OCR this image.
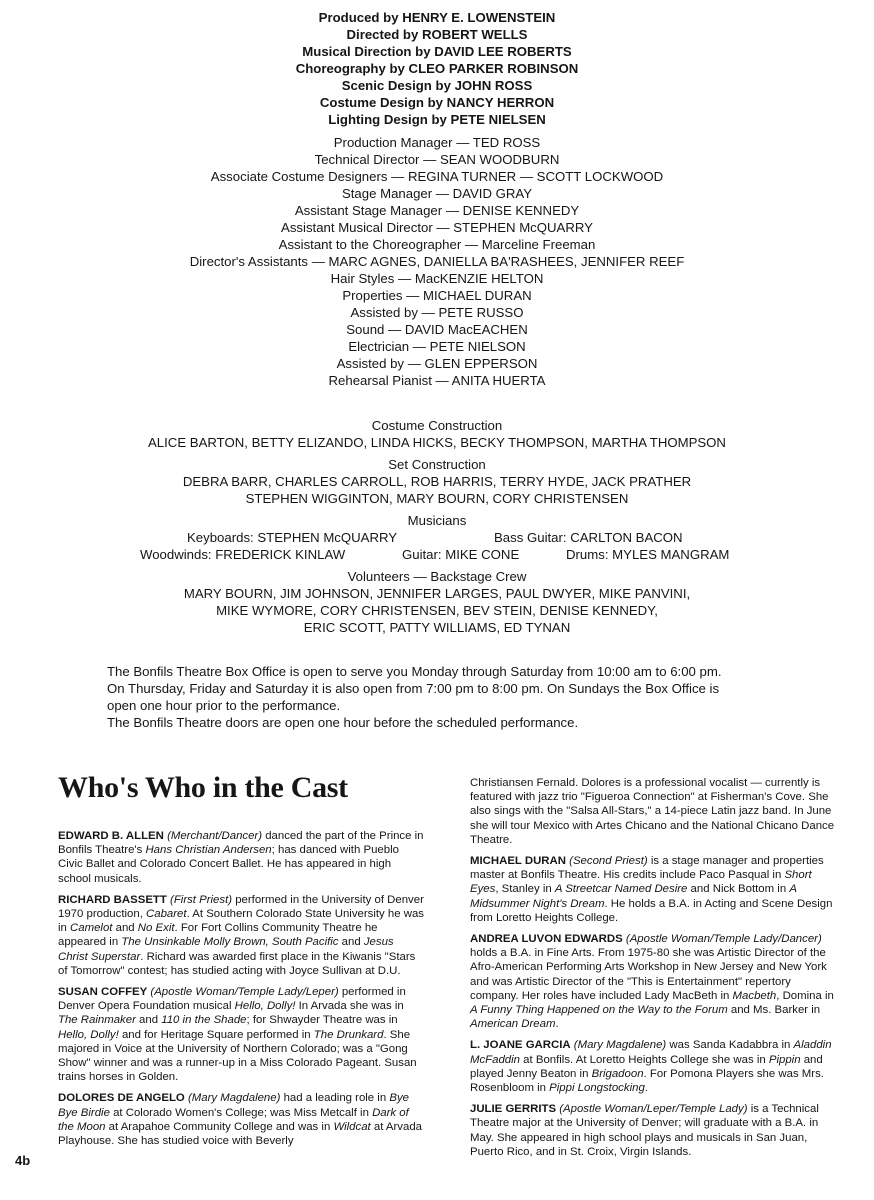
Produced by HENRY E. LOWENSTEIN
Directed by ROBERT WELLS
Musical Direction by DAVID LEE ROBERTS
Choreography by CLEO PARKER ROBINSON
Scenic Design by JOHN ROSS
Costume Design by NANCY HERRON
Lighting Design by PETE NIELSEN
Production Manager — TED ROSS
Technical Director — SEAN WOODBURN
Associate Costume Designers — REGINA TURNER — SCOTT LOCKWOOD
Stage Manager — DAVID GRAY
Assistant Stage Manager — DENISE KENNEDY
Assistant Musical Director — STEPHEN McQUARRY
Assistant to the Choreographer — Marceline Freeman
Director's Assistants — MARC AGNES, DANIELLA BA'RASHEES, JENNIFER REEF
Hair Styles — MacKENZIE HELTON
Properties — MICHAEL DURAN
Assisted by — PETE RUSSO
Sound — DAVID MacEACHEN
Electrician — PETE NIELSON
Assisted by — GLEN EPPERSON
Rehearsal Pianist — ANITA HUERTA
Costume Construction
ALICE BARTON, BETTY ELIZANDO, LINDA HICKS, BECKY THOMPSON, MARTHA THOMPSON
Set Construction
DEBRA BARR, CHARLES CARROLL, ROB HARRIS, TERRY HYDE, JACK PRATHER
STEPHEN WIGGINTON, MARY BOURN, CORY CHRISTENSEN
Musicians
Keyboards: STEPHEN McQUARRY	Bass Guitar: CARLTON BACON
Woodwinds: FREDERICK KINLAW	Guitar: MIKE CONE	Drums: MYLES MANGRAM
Volunteers — Backstage Crew
MARY BOURN, JIM JOHNSON, JENNIFER LARGES, PAUL DWYER, MIKE PANVINI,
MIKE WYMORE, CORY CHRISTENSEN, BEV STEIN, DENISE KENNEDY,
ERIC SCOTT, PATTY WILLIAMS, ED TYNAN
The Bonfils Theatre Box Office is open to serve you Monday through Saturday from 10:00 am to 6:00 pm.
On Thursday, Friday and Saturday it is also open from 7:00 pm to 8:00 pm. On Sundays the Box Office is
open one hour prior to the performance.
The Bonfils Theatre doors are open one hour before the scheduled performance.
Who's Who in the Cast

EDWARD B. ALLEN (Merchant/Dancer) danced the part of the Prince in Bonfils Theatre's Hans Christian Andersen; has danced with Pueblo Civic Ballet and Colorado Concert Ballet. He has appeared in high school musicals.

RICHARD BASSETT (First Priest) performed in the University of Denver 1970 production, Cabaret. At Southern Colorado State University he was in Camelot and No Exit. For Fort Collins Community Theatre he appeared in The Unsinkable Molly Brown, South Pacific and Jesus Christ Superstar. Richard was awarded first place in the Kiwanis "Stars of Tomorrow" contest; has studied acting with Joyce Sullivan at D.U.

SUSAN COFFEY (Apostle Woman/Temple Lady/Leper) performed in Denver Opera Foundation musical Hello, Dolly! In Arvada she was in The Rainmaker and 110 in the Shade; for Shwayder Theatre was in Hello, Dolly! and for Heritage Square performed in The Drunkard. She majored in Voice at the University of Northern Colorado; was a "Gong Show" winner and was a runner-up in a Miss Colorado Pageant. Susan trains horses in Golden.

DOLORES DE ANGELO (Mary Magdalene) had a leading role in Bye Bye Birdie at Colorado Women's College; was Miss Metcalf in Dark of the Moon at Arapahoe Community College and was in Wildcat at Arvada Playhouse. She has studied voice with Beverly

Christiansen Fernald. Dolores is a professional vocalist — currently is featured with jazz trio "Figueroa Connection" at Fisherman's Cove. She also sings with the "Salsa All-Stars," a 14-piece Latin jazz band. In June she will tour Mexico with Artes Chicano and the National Chicano Dance Theatre.

MICHAEL DURAN (Second Priest) is a stage manager and properties master at Bonfils Theatre. His credits include Paco Pasqual in Short Eyes, Stanley in A Streetcar Named Desire and Nick Bottom in A Midsummer Night's Dream. He holds a B.A. in Acting and Scene Design from Loretto Heights College.

ANDREA LUVON EDWARDS (Apostle Woman/Temple Lady/Dancer) holds a B.A. in Fine Arts. From 1975-80 she was Artistic Director of the Afro-American Performing Arts Workshop in New Jersey and New York and was Artistic Director of the "This is Entertainment" repertory company. Her roles have included Lady MacBeth in Macbeth, Domina in A Funny Thing Happened on the Way to the Forum and Ms. Barker in American Dream.

L. JOANE GARCIA (Mary Magdalene) was Sanda Kadabbra in Aladdin McFaddin at Bonfils. At Loretto Heights College she was in Pippin and played Jenny Beaton in Brigadoon. For Pomona Players she was Mrs. Rosenbloom in Pippi Longstocking.

JULIE GERRITS (Apostle Woman/Leper/Temple Lady) is a Technical Theatre major at the University of Denver; will graduate with a B.A. in May. She appeared in high school plays and musicals in San Juan, Puerto Rico, and in St. Croix, Virgin Islands.

4b
